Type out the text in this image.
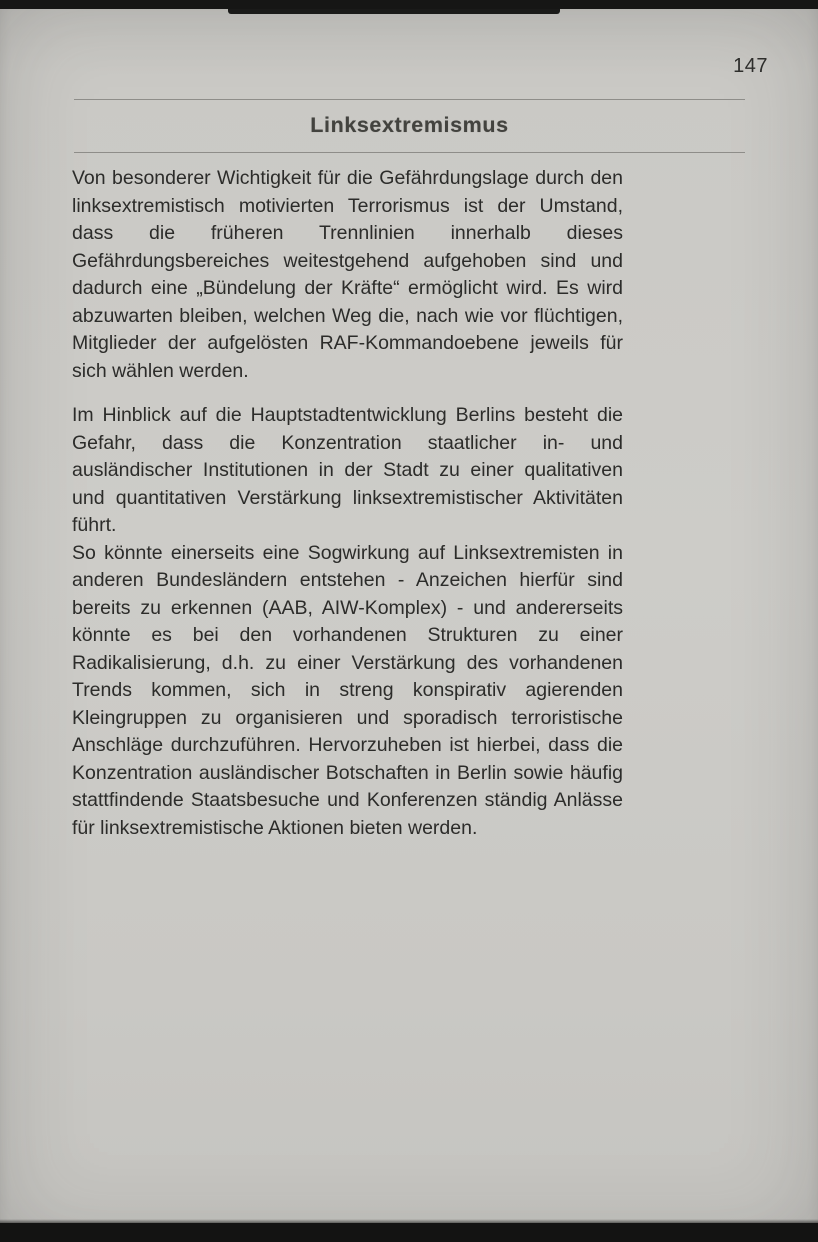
147
Linksextremismus

Von besonderer Wichtigkeit für die Gefährdungslage durch den linksextremistisch motivierten Terrorismus ist der Umstand, dass die früheren Trennlinien innerhalb dieses Gefährdungsbereiches weitestgehend aufgehoben sind und dadurch eine „Bündelung der Kräfte“ ermöglicht wird. Es wird abzuwarten bleiben, welchen Weg die, nach wie vor flüchtigen, Mitglieder der aufgelösten RAF-Kommandoebene jeweils für sich wählen werden.

Im Hinblick auf die Hauptstadtentwicklung Berlins besteht die Gefahr, dass die Konzentration staatlicher in- und ausländischer Institutionen in der Stadt zu einer qualitativen und quantitativen Verstärkung linksextremistischer Aktivitäten führt.

So könnte einerseits eine Sogwirkung auf Linksextremisten in anderen Bundesländern entstehen - Anzeichen hierfür sind bereits zu erkennen (AAB, AIW-Komplex) - und andererseits könnte es bei den vorhandenen Strukturen zu einer Radikalisierung, d.h. zu einer Verstärkung des vorhandenen Trends kommen, sich in streng konspirativ agierenden Kleingruppen zu organisieren und sporadisch terroristische Anschläge durchzuführen. Hervorzuheben ist hierbei, dass die Konzentration ausländischer Botschaften in Berlin sowie häufig stattfindende Staatsbesuche und Konferenzen ständig Anlässe für linksextremistische Aktionen bieten werden.
